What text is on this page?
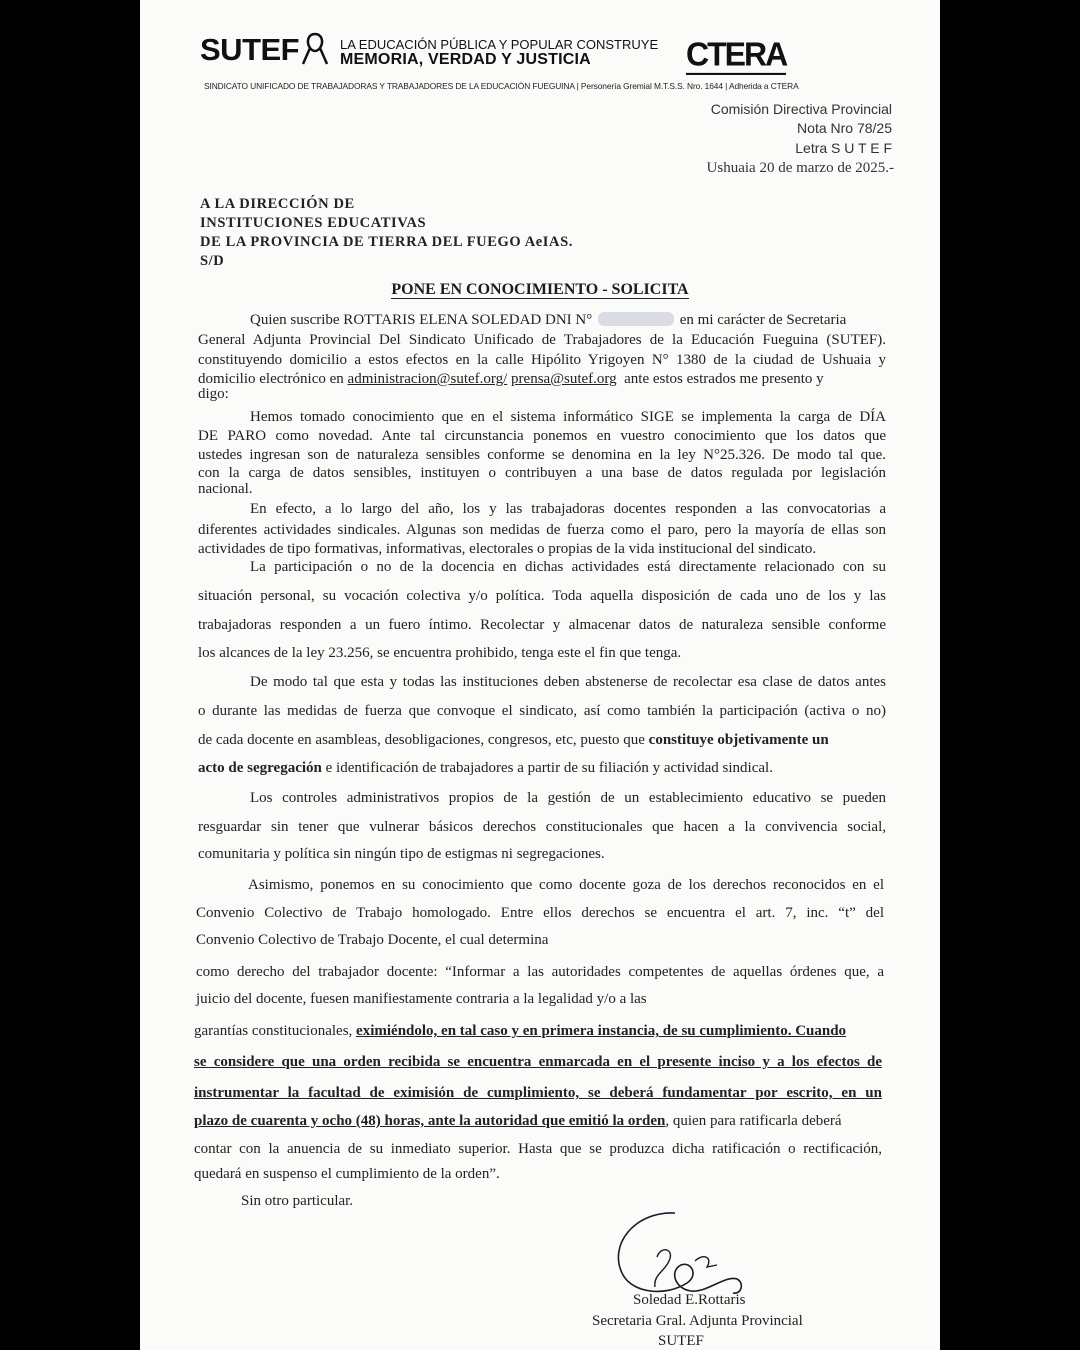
SUTEF	LA EDUCACIÓN PÚBLICA Y POPULAR CONSTRUYE
MEMORIA, VERDAD Y JUSTICIA	CTERA
SINDICATO UNIFICADO DE TRABAJADORAS Y TRABAJADORES DE LA EDUCACIÓN FUEGUINA | Personería Gremial M.T.S.S. Nro. 1644 | Adherida a CTERA
Comisión Directiva Provincial
Nota Nro 78/25
Letra S U T E F
Ushuaia 20 de marzo de 2025.-
A LA DIRECCIÓN DE
INSTITUCIONES EDUCATIVAS
DE LA PROVINCIA DE TIERRA DEL FUEGO AeIAS.
S/D
PONE EN CONOCIMIENTO - SOLICITA
Quien suscribe ROTTARIS ELENA SOLEDAD DNI N°	en mi carácter de Secretaria
General Adjunta Provincial Del Sindicato Unificado de Trabajadores de la Educación Fueguina (SUTEF).
constituyendo domicilio a estos efectos en la calle Hipólito Yrigoyen N° 1380 de la ciudad de Ushuaia y
domicilio electrónico en administracion@sutef.org/ prensa@sutef.org ante estos estrados me presento y
digo:
Hemos tomado conocimiento que en el sistema informático SIGE se implementa la carga de DÍA
DE PARO como novedad. Ante tal circunstancia ponemos en vuestro conocimiento que los datos que
ustedes ingresan son de naturaleza sensibles conforme se denomina en la ley N°25.326. De modo tal que.
con la carga de datos sensibles, instituyen o contribuyen a una base de datos regulada por legislación
nacional.
En efecto, a lo largo del año, los y las trabajadoras docentes responden a las convocatorias a
diferentes actividades sindicales. Algunas son medidas de fuerza como el paro, pero la mayoría de ellas son
actividades de tipo formativas, informativas, electorales o propias de la vida institucional del sindicato.
La participación o no de la docencia en dichas actividades está directamente relacionado con su
situación personal, su vocación colectiva y/o política. Toda aquella disposición de cada uno de los y las
trabajadoras responden a un fuero íntimo. Recolectar y almacenar datos de naturaleza sensible conforme
los alcances de la ley 23.256, se encuentra prohibido, tenga este el fin que tenga.
De modo tal que esta y todas las instituciones deben abstenerse de recolectar esa clase de datos antes
o durante las medidas de fuerza que convoque el sindicato, así como también la participación (activa o no)
de cada docente en asambleas, desobligaciones, congresos, etc, puesto que constituye objetivamente un
acto de segregación e identificación de trabajadores a partir de su filiación y actividad sindical.
Los controles administrativos propios de la gestión de un establecimiento educativo se pueden
resguardar sin tener que vulnerar básicos derechos constitucionales que hacen a la convivencia social,
comunitaria y política sin ningún tipo de estigmas ni segregaciones.
Asimismo, ponemos en su conocimiento que como docente goza de los derechos reconocidos en el
Convenio Colectivo de Trabajo homologado. Entre ellos derechos se encuentra el art. 7, inc. “t” del
Convenio Colectivo de Trabajo Docente, el cual determina
como derecho del trabajador docente: “Informar a las autoridades competentes de aquellas órdenes que, a
juicio del docente, fuesen manifiestamente contraria a la legalidad y/o a las
garantías constitucionales, eximiéndolo, en tal caso y en primera instancia, de su cumplimiento. Cuando
se considere que una orden recibida se encuentra enmarcada en el presente inciso y a los efectos de
instrumentar la facultad de eximisión de cumplimiento, se deberá fundamentar por escrito, en un
plazo de cuarenta y ocho (48) horas, ante la autoridad que emitió la orden, quien para ratificarla deberá
contar con la anuencia de su inmediato superior. Hasta que se produzca dicha ratificación o rectificación,
quedará en suspenso el cumplimiento de la orden”.
Sin otro particular.
Soledad E.Rottaris
Secretaria Gral. Adjunta Provincial
SUTEF
